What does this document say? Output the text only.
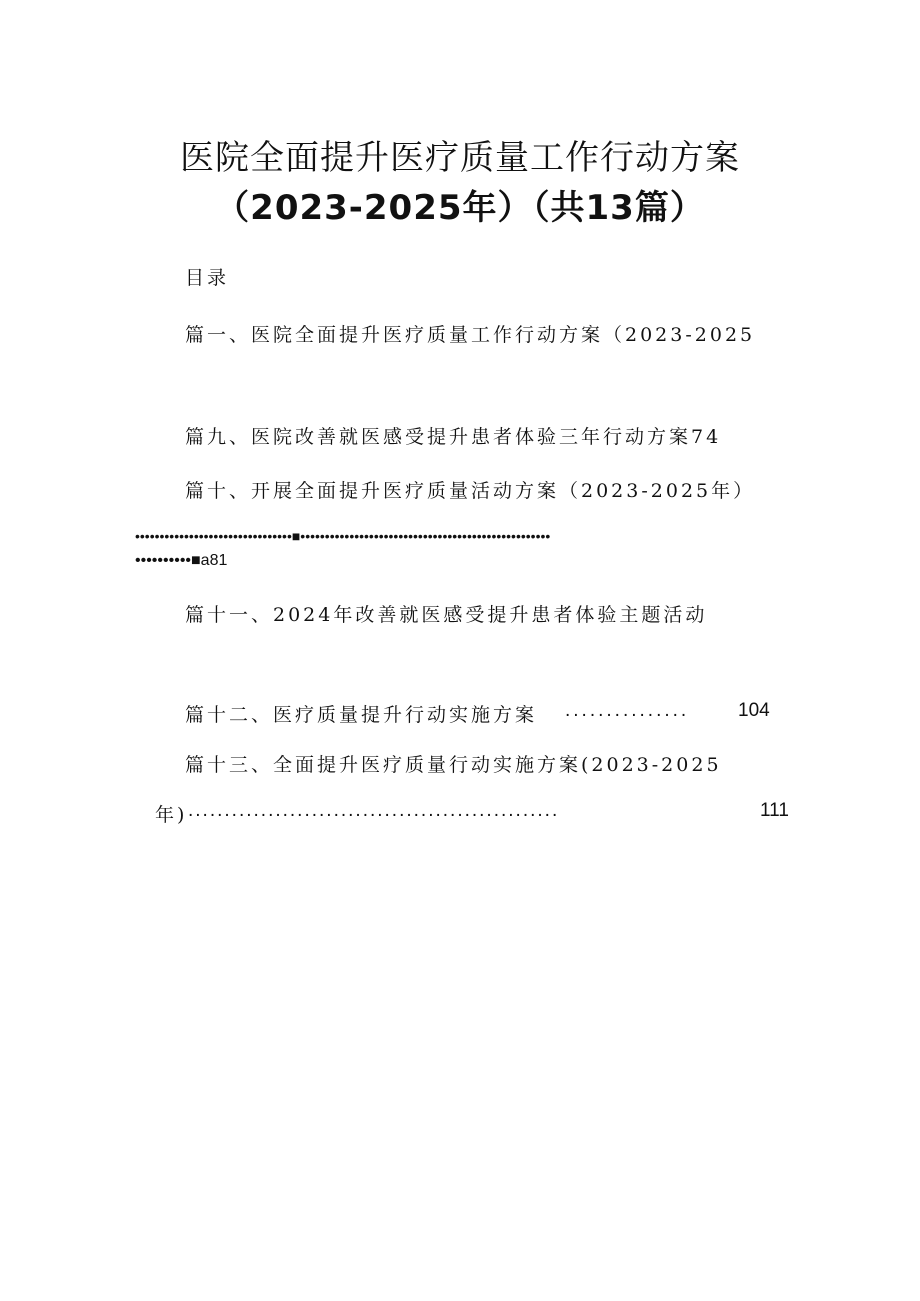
医院全面提升医疗质量工作行动方案
（2023-2025年）（共13篇）
目录
篇一、医院全面提升医疗质量工作行动方案（2023-2025
篇九、医院改善就医感受提升患者体验三年行动方案74
篇十、开展全面提升医疗质量活动方案（2023-2025年）
••••••••••••••••••••••••••••••••■•••••••••••••••••••••••••••••••••••••••••••••••••••
••••••••••■a81
篇十一、2024年改善就医感受提升患者体验主题活动
篇十二、医疗质量提升行动实施方案 ...............	104
篇十三、全面提升医疗质量行动实施方案(2023-2025
年) ...................................................	111
